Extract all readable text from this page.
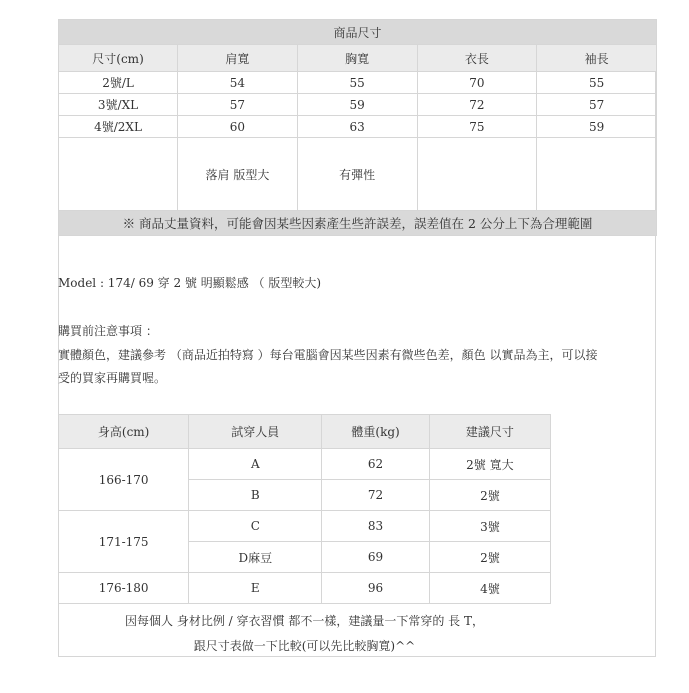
商品尺寸				
尺寸(cm)	肩寬	胸寬	衣長	袖長
2號/L	54	55	70	55
3號/XL	57	59	72	57
4號/2XL	60	63	75	59
	落肩 版型大	有彈性		
※ 商品丈量資料，可能會因某些因素產生些許誤差，誤差值在 2 公分上下為合理範圍				
Model : 174/ 69 穿 2 號 明顯鬆感 （ 版型較大)
購買前注意事項 ：
實體顏色，建議參考 （商品近拍特寫 ）每台電腦會因某些因素有微些色差，顏色 以實品為主，可以接
受的買家再購買喔。
身高(cm)	試穿人員	體重(kg)	建議尺寸
166-170	A	62	2號 寬大
	B	72	2號
171-175	C	83	3號
	D麻豆	69	2號
176-180	E	96	4號
因每個人 身材比例 / 穿衣習慣 都不一樣，建議量一下常穿的 長 T，
跟尺寸表做一下比較(可以先比較胸寬)^^
